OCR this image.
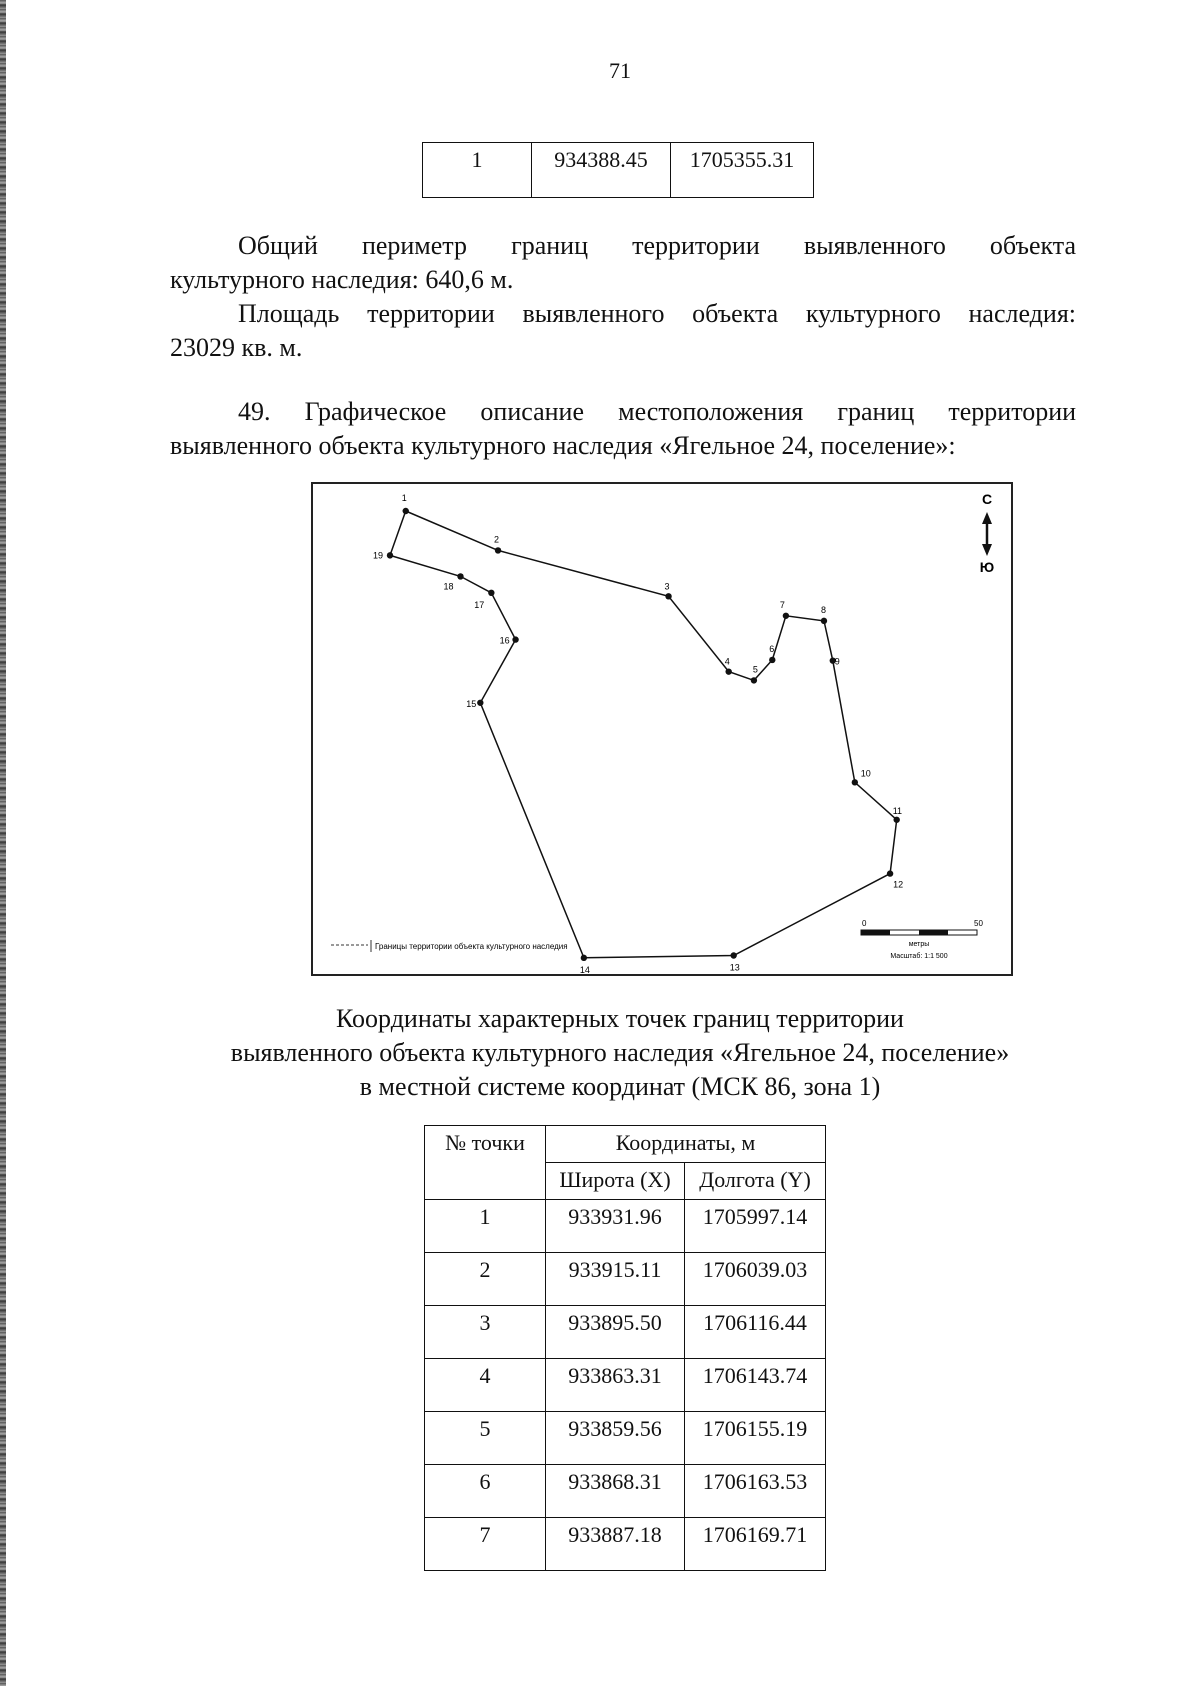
71
1	934388.45	1705355.31
Общий периметр границ территории выявленного объекта
культурного наследия: 640,6 м.
Площадь территории выявленного объекта культурного наследия:
23029 кв. м.
49. Графическое описание местоположения границ территории
выявленного объекта культурного наследия «Ягельное 24, поселение»:
1
2
3
4
5
6
7
8
9
10
11
12
13
14
15
16
17
18
19
С
Ю
Границы территории объекта культурного наследия
0	50
метры
Масштаб: 1:1 500
Координаты характерных точек границ территории
выявленного объекта культурного наследия «Ягельное 24, поселение»
в местной системе координат (МСК 86, зона 1)
№ точки	Координаты, м	
	Широта (X)	Долгота (Y)
1	933931.96	1705997.14
2	933915.11	1706039.03
3	933895.50	1706116.44
4	933863.31	1706143.74
5	933859.56	1706155.19
6	933868.31	1706163.53
7	933887.18	1706169.71
